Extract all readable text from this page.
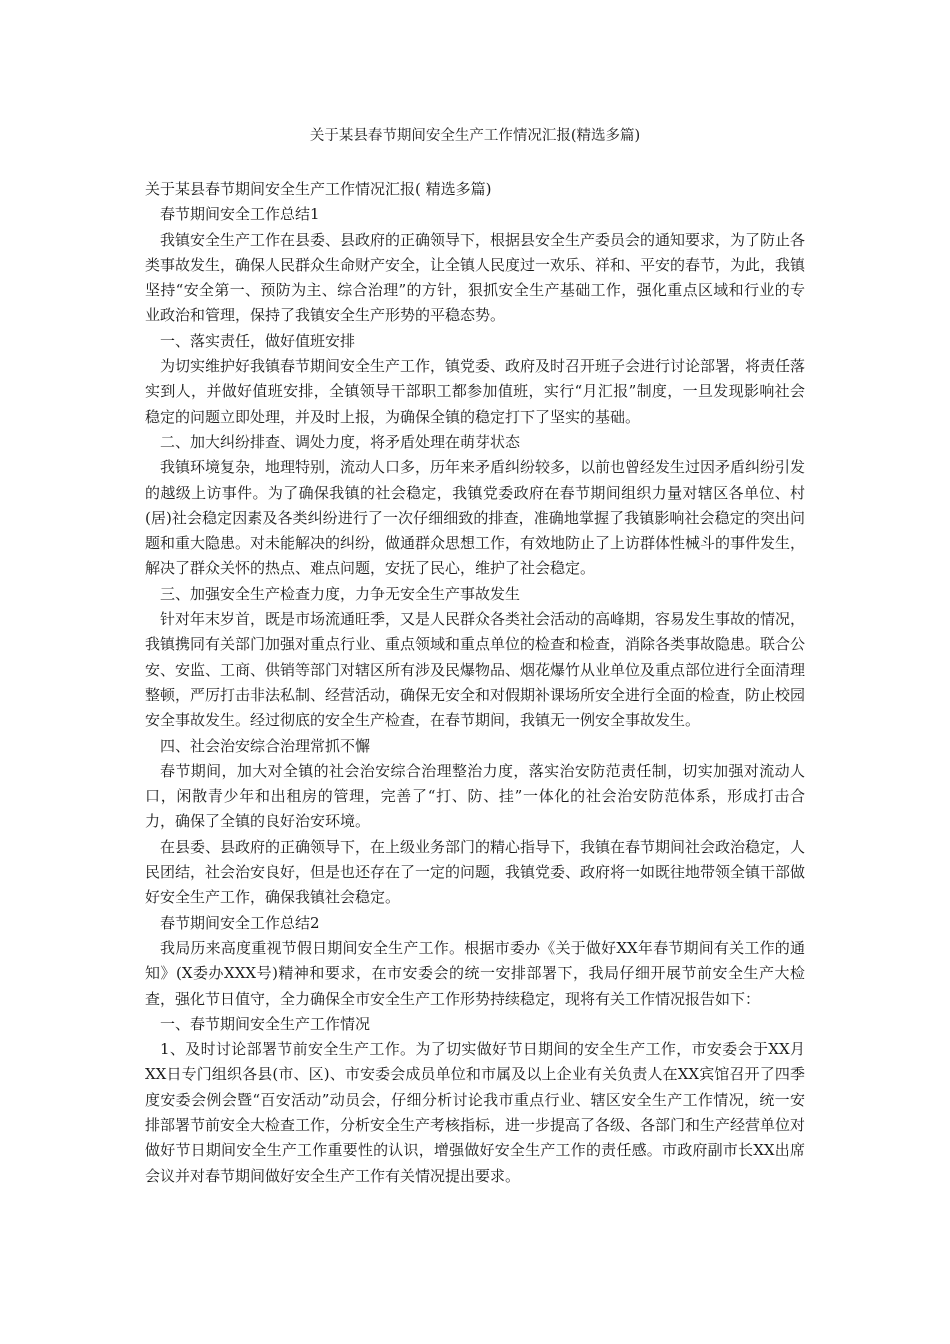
关于某县春节期间安全生产工作情况汇报(精选多篇)

关于某县春节期间安全生产工作情况汇报( 精选多篇)

春节期间安全工作总结1

我镇安全生产工作在县委、县政府的正确领导下，根据县安全生产委员会的通知要求，为了防止各类事故发生，确保人民群众生命财产安全，让全镇人民度过一欢乐、祥和、平安的春节，为此，我镇坚持“安全第一、预防为主、综合治理”的方针，狠抓安全生产基础工作，强化重点区域和行业的专业政治和管理，保持了我镇安全生产形势的平稳态势。

一、落实责任，做好值班安排

为切实维护好我镇春节期间安全生产工作，镇党委、政府及时召开班子会进行讨论部署，将责任落实到人，并做好值班安排，全镇领导干部职工都参加值班，实行“月汇报”制度，一旦发现影响社会稳定的问题立即处理，并及时上报，为确保全镇的稳定打下了坚实的基础。

二、加大纠纷排查、调处力度，将矛盾处理在萌芽状态

我镇环境复杂，地理特别，流动人口多，历年来矛盾纠纷较多，以前也曾经发生过因矛盾纠纷引发的越级上访事件。为了确保我镇的社会稳定，我镇党委政府在春节期间组织力量对辖区各单位、村(居)社会稳定因素及各类纠纷进行了一次仔细细致的排查，准确地掌握了我镇影响社会稳定的突出问题和重大隐患。对未能解决的纠纷，做通群众思想工作，有效地防止了上访群体性械斗的事件发生，解决了群众关怀的热点、难点问题，安抚了民心，维护了社会稳定。

三、加强安全生产检查力度，力争无安全生产事故发生

针对年末岁首，既是市场流通旺季，又是人民群众各类社会活动的高峰期，容易发生事故的情况，我镇携同有关部门加强对重点行业、重点领域和重点单位的检查和检查，消除各类事故隐患。联合公安、安监、工商、供销等部门对辖区所有涉及民爆物品、烟花爆竹从业单位及重点部位进行全面清理整顿，严厉打击非法私制、经营活动，确保无安全和对假期补课场所安全进行全面的检查，防止校园安全事故发生。经过彻底的安全生产检查，在春节期间，我镇无一例安全事故发生。

四、社会治安综合治理常抓不懈

春节期间，加大对全镇的社会治安综合治理整治力度，落实治安防范责任制，切实加强对流动人口，闲散青少年和出租房的管理，完善了“打、防、挂”一体化的社会治安防范体系，形成打击合力，确保了全镇的良好治安环境。

在县委、县政府的正确领导下，在上级业务部门的精心指导下，我镇在春节期间社会政治稳定，人民团结，社会治安良好，但是也还存在了一定的问题，我镇党委、政府将一如既往地带领全镇干部做好安全生产工作，确保我镇社会稳定。

春节期间安全工作总结2

我局历来高度重视节假日期间安全生产工作。根据市委办《关于做好XX年春节期间有关工作的通知》(X委办XXX号)精神和要求，在市安委会的统一安排部署下，我局仔细开展节前安全生产大检查，强化节日值守，全力确保全市安全生产工作形势持续稳定，现将有关工作情况报告如下：

一、春节期间安全生产工作情况

1、及时讨论部署节前安全生产工作。为了切实做好节日期间的安全生产工作，市安委会于XX月XX日专门组织各县(市、区)、市安委会成员单位和市属及以上企业有关负责人在XX宾馆召开了四季度安委会例会暨“百安活动”动员会，仔细分析讨论我市重点行业、辖区安全生产工作情况，统一安排部署节前安全大检查工作，分析安全生产考核指标，进一步提高了各级、各部门和生产经营单位对做好节日期间安全生产工作重要性的认识，增强做好安全生产工作的责任感。市政府副市长XX出席会议并对春节期间做好安全生产工作有关情况提出要求。
